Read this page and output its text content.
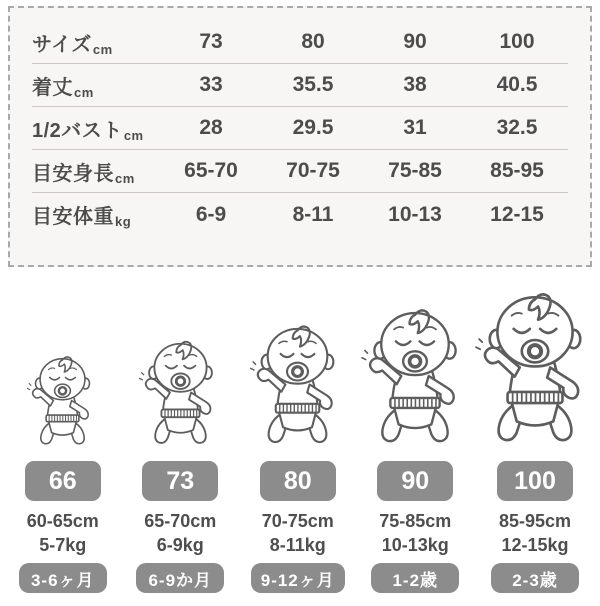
サイズcm	73	80	90	100
着丈cm	33	35.5	38	40.5
1/2バストcm	28	29.5	31	32.5
目安身長cm	65-70	70-75	75-85	85-95
目安体重kg	6-9	8-11	10-13	12-15
66
60-65cm
5-7kg
3-6ヶ月
73
65-70cm
6-9kg
6-9か月
80
70-75cm
8-11kg
9-12ヶ月
90
75-85cm
10-13kg
1-2歳
100
85-95cm
12-15kg
2-3歳
